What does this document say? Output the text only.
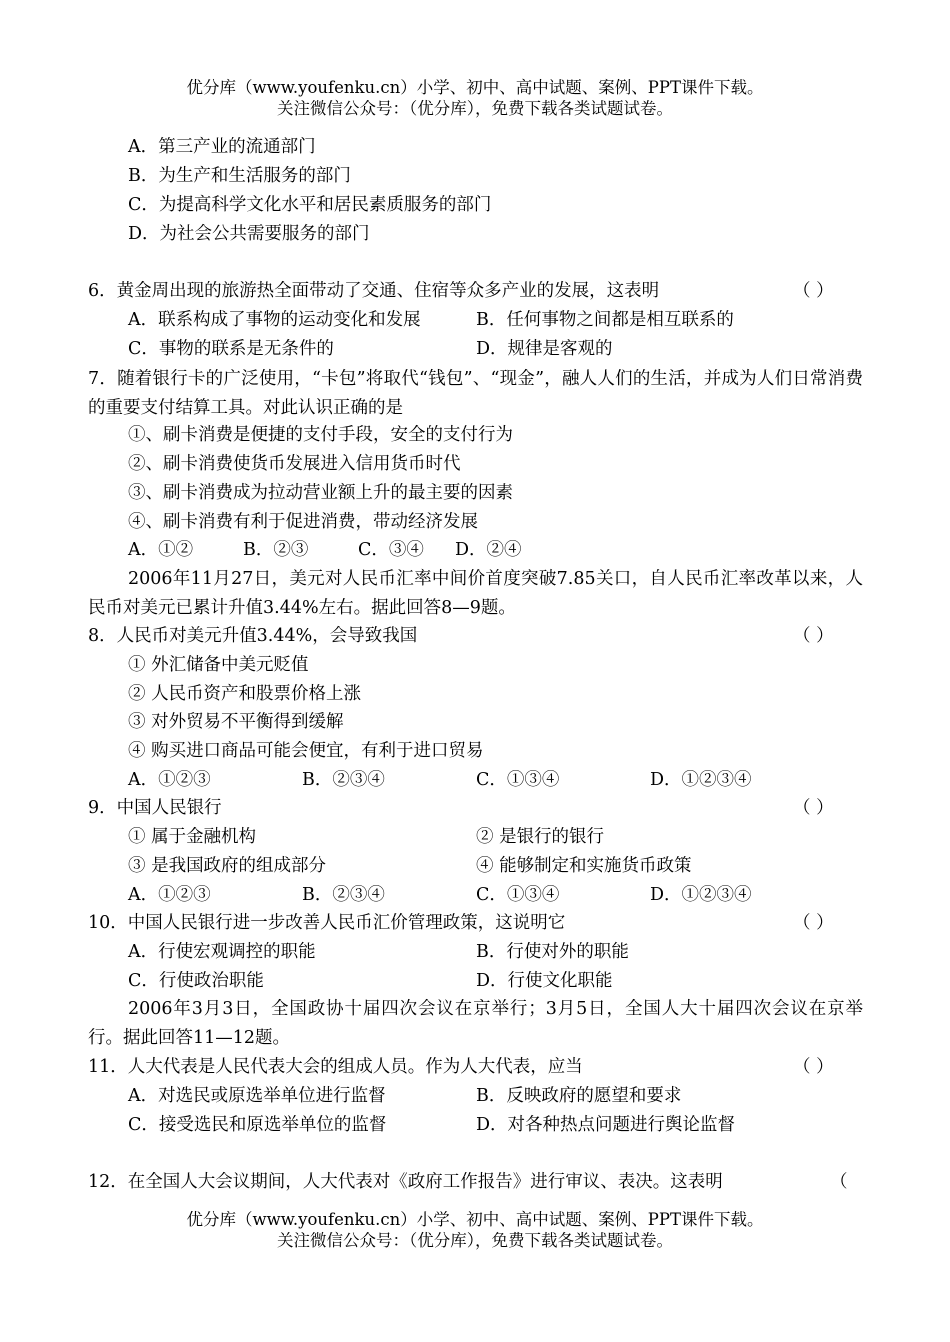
优分库（www.youfenku.cn）小学、初中、高中试题、案例、PPT课件下载。
关注微信公众号：（优分库），免费下载各类试题试卷。
A．第三产业的流通部门
B．为生产和生活服务的部门
C．为提高科学文化水平和居民素质服务的部门
D．为社会公共需要服务的部门
6．黄金周出现的旅游热全面带动了交通、住宿等众多产业的发展，这表明	（ ）
A．联系构成了事物的运动变化和发展	B．任何事物之间都是相互联系的
C．事物的联系是无条件的	D．规律是客观的
7．随着银行卡的广泛使用，“卡包”将取代“钱包”、“现金”，融人人们的生活，并成为人们日常消费的重要支付结算工具。对此认识正确的是
①、刷卡消费是便捷的支付手段，安全的支付行为
②、刷卡消费使货币发展进入信用货币时代
③、刷卡消费成为拉动营业额上升的最主要的因素
④、刷卡消费有利于促进消费，带动经济发展
A．①②	B．②③	C．③④ D．②④
2006年11月27日，美元对人民币汇率中间价首度突破7.85关口，自人民币汇率改革以来，人民币对美元已累计升值3.44%左右。据此回答8—9题。
8．人民币对美元升值3.44%，会导致我国	（ ）
① 外汇储备中美元贬值
② 人民币资产和股票价格上涨
③ 对外贸易不平衡得到缓解
④ 购买进口商品可能会便宜，有利于进口贸易
A．①②③	B．②③④	C．①③④	D．①②③④
9．中国人民银行	（ ）
① 属于金融机构	② 是银行的银行
③ 是我国政府的组成部分	④ 能够制定和实施货币政策
A．①②③	B．②③④	C．①③④	D．①②③④
10．中国人民银行进一步改善人民币汇价管理政策，这说明它	（ ）
A．行使宏观调控的职能	B．行使对外的职能
C．行使政治职能	D．行使文化职能
2006年3月3日，全国政协十届四次会议在京举行；3月5日，全国人大十届四次会议在京举行。据此回答11—12题。
11．人大代表是人民代表大会的组成人员。作为人大代表，应当	（ ）
A．对选民或原选举单位进行监督	B．反映政府的愿望和要求
C．接受选民和原选举单位的监督	D．对各种热点问题进行舆论监督
12．在全国人大会议期间，人大代表对《政府工作报告》进行审议、表决。这表明	（
优分库（www.youfenku.cn）小学、初中、高中试题、案例、PPT课件下载。
关注微信公众号：（优分库），免费下载各类试题试卷。
